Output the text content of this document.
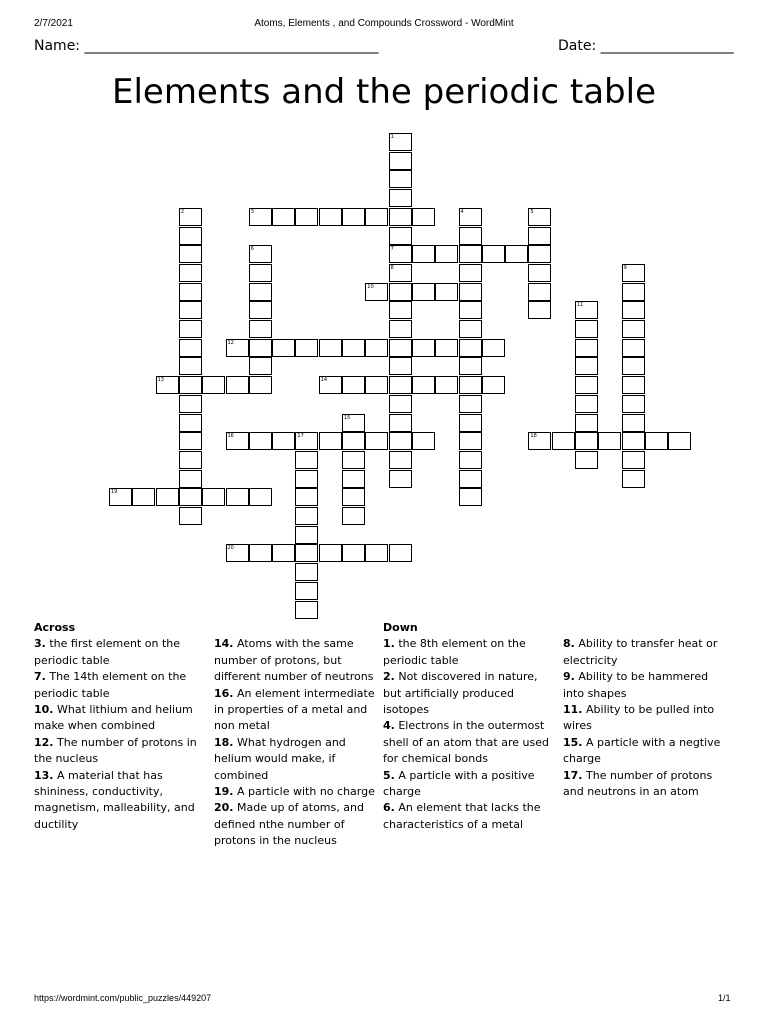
2/7/2021	Atoms, Elements , and Compounds Crossword - WordMint
Name: __________________________________________	Date: ___________________
Elements and the periodic table
3
7
10
12
13	14
16	17	18
19
20
1
2	4	5
6
8	9
11
15
Across
3. the first element on the periodic table
7. The 14th element on the periodic table
10. What lithium and helium make when combined
12. The number of protons in the nucleus
13. A material that has shininess, conductivity, magnetism, malleability, and ductility
14. Atoms with the same number of protons, but different number of neutrons
16. An element intermediate in properties of a metal and non metal
18. What hydrogen and helium would make, if combined
19. A particle with no charge
20. Made up of atoms, and defined nthe number of protons in the nucleus
Down
1. the 8th element on the periodic table
2. Not discovered in nature, but artificially produced isotopes
4. Electrons in the outermost shell of an atom that are used for chemical bonds
5. A particle with a positive charge
6. An element that lacks the characteristics of a metal
8. Ability to transfer heat or electricity
9. Ability to be hammered into shapes
11. Ability to be pulled into wires
15. A particle with a negtive charge
17. The number of protons and neutrons in an atom
https://wordmint.com/public_puzzles/449207	1/1
